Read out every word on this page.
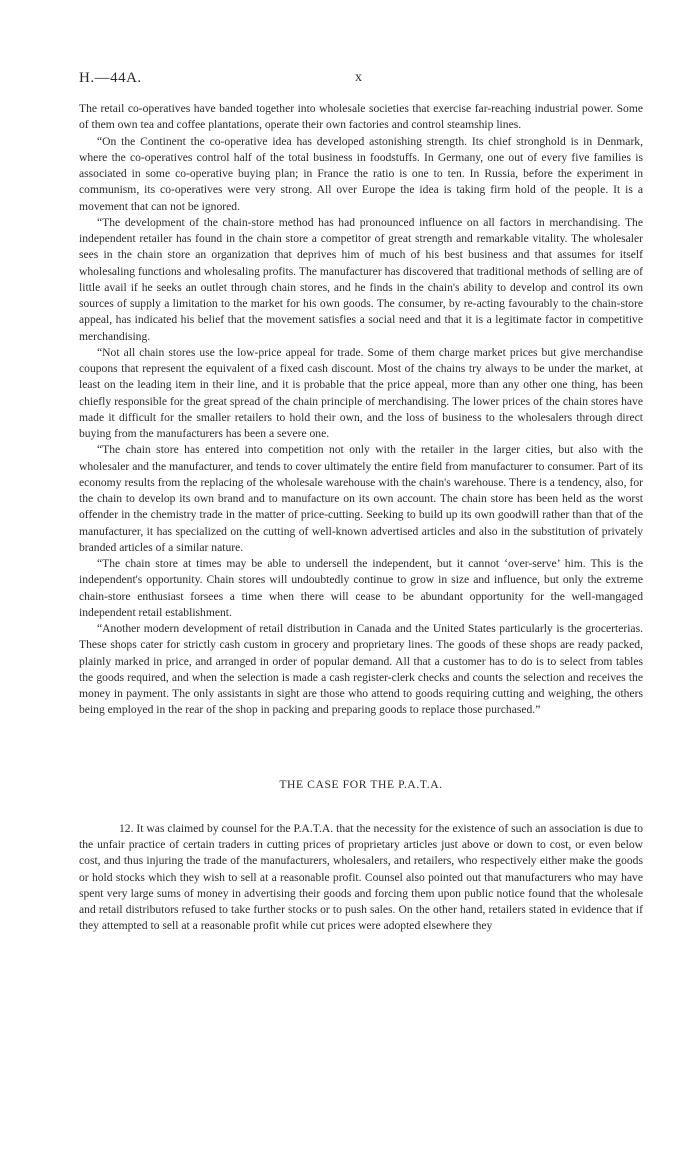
H.—44A.	x

The retail co-operatives have banded together into wholesale societies that exercise far-reaching industrial power. Some of them own tea and coffee plantations, operate their own factories and control steamship lines.

“On the Continent the co-operative idea has developed astonishing strength. Its chief stronghold is in Denmark, where the co-operatives control half of the total business in foodstuffs. In Germany, one out of every five families is associated in some co-operative buying plan; in France the ratio is one to ten. In Russia, before the experiment in communism, its co-operatives were very strong. All over Europe the idea is taking firm hold of the people. It is a movement that can not be ignored.

“The development of the chain-store method has had pronounced influence on all factors in merchandising. The independent retailer has found in the chain store a competitor of great strength and remarkable vitality. The wholesaler sees in the chain store an organization that deprives him of much of his best business and that assumes for itself wholesaling functions and wholesaling profits. The manufacturer has discovered that traditional methods of selling are of little avail if he seeks an outlet through chain stores, and he finds in the chain's ability to develop and control its own sources of supply a limitation to the market for his own goods. The consumer, by re-acting favourably to the chain-store appeal, has indicated his belief that the movement satisfies a social need and that it is a legitimate factor in competitive merchandising.

“Not all chain stores use the low-price appeal for trade. Some of them charge market prices but give merchandise coupons that represent the equivalent of a fixed cash discount. Most of the chains try always to be under the market, at least on the leading item in their line, and it is probable that the price appeal, more than any other one thing, has been chiefly responsible for the great spread of the chain principle of merchandising. The lower prices of the chain stores have made it difficult for the smaller retailers to hold their own, and the loss of business to the wholesalers through direct buying from the manufacturers has been a severe one.

“The chain store has entered into competition not only with the retailer in the larger cities, but also with the wholesaler and the manufacturer, and tends to cover ultimately the entire field from manufacturer to consumer. Part of its economy results from the replacing of the wholesale warehouse with the chain's warehouse. There is a tendency, also, for the chain to develop its own brand and to manufacture on its own account. The chain store has been held as the worst offender in the chemistry trade in the matter of price-cutting. Seeking to build up its own goodwill rather than that of the manufacturer, it has specialized on the cutting of well-known advertised articles and also in the substitution of privately branded articles of a similar nature.

“The chain store at times may be able to undersell the independent, but it cannot ‘over-serve’ him. This is the independent's opportunity. Chain stores will undoubtedly continue to grow in size and influence, but only the extreme chain-store enthusiast forsees a time when there will cease to be abundant opportunity for the well-mangaged independent retail establishment.

“Another modern development of retail distribution in Canada and the United States particularly is the grocerterias. These shops cater for strictly cash custom in grocery and proprietary lines. The goods of these shops are ready packed, plainly marked in price, and arranged in order of popular demand. All that a customer has to do is to select from tables the goods required, and when the selection is made a cash register-clerk checks and counts the selection and receives the money in payment. The only assistants in sight are those who attend to goods requiring cutting and weighing, the others being employed in the rear of the shop in packing and preparing goods to replace those purchased.”

THE CASE FOR THE P.A.T.A.

12. It was claimed by counsel for the P.A.T.A. that the necessity for the existence of such an association is due to the unfair practice of certain traders in cutting prices of proprietary articles just above or down to cost, or even below cost, and thus injuring the trade of the manufacturers, wholesalers, and retailers, who respectively either make the goods or hold stocks which they wish to sell at a reasonable profit. Counsel also pointed out that manufacturers who may have spent very large sums of money in advertising their goods and forcing them upon public notice found that the wholesale and retail distributors refused to take further stocks or to push sales. On the other hand, retailers stated in evidence that if they attempted to sell at a reasonable profit while cut prices were adopted elsewhere they
